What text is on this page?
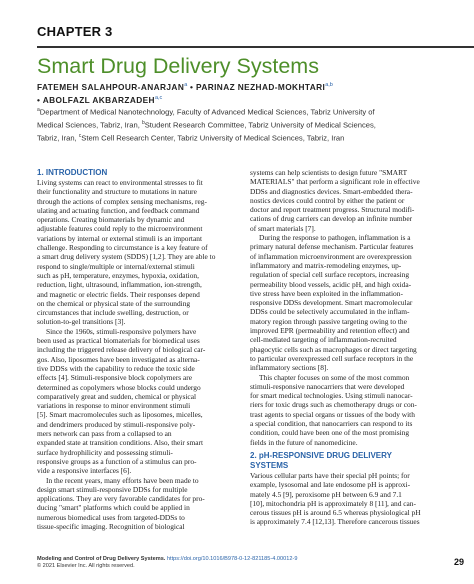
CHAPTER 3
Smart Drug Delivery Systems
FATEMEH SALAHPOUR-ANARJAN$^a$ • PARINAZ NEZHAD-MOKHTARI$^{a,b}$
• ABOLFAZL AKBARZADEH$^{a,c}$
$^a$Department of Medical Nanotechnology, Faculty of Advanced Medical Sciences, Tabriz University of
Medical Sciences, Tabriz, Iran, $^b$Student Research Committee, Tabriz University of Medical Sciences,
Tabriz, Iran, $^c$Stem Cell Research Center, Tabriz University of Medical Sciences, Tabriz, Iran
1. INTRODUCTION
Living systems can react to environmental stresses to fit
their functionality and structure to mutations in nature
through the actions of complex sensing mechanisms, reg-
ulating and actuating function, and feedback command
operations. Creating biomaterials by dynamic and
adjustable features could reply to the microenvironment
variations by internal or external stimuli is an important
challenge. Responding to circumstance is a key feature of
a smart drug delivery system (SDDS) [1,2]. They are able to
respond to single/multiple or internal/external stimuli
such as pH, temperature, enzymes, hypoxia, oxidation,
reduction, light, ultrasound, inflammation, ion-strength,
and magnetic or electric fields. Their responses depend
on the chemical or physical state of the surrounding
circumstances that include swelling, destruction, or
solution-to-gel transitions [3].
Since the 1960s, stimuli-responsive polymers have
been used as practical biomaterials for biomedical uses
including the triggered release delivery of biological car-
gos. Also, liposomes have been investigated as alterna-
tive DDSs with the capability to reduce the toxic side
effects [4]. Stimuli-responsive block copolymers are
determined as copolymers whose blocks could undergo
comparatively great and sudden, chemical or physical
variations in response to minor environment stimuli
[5]. Smart macromolecules such as liposomes, micelles,
and dendrimers produced by stimuli-responsive poly-
mers network can pass from a collapsed to an
expanded state at transition conditions. Also, their smart
surface hydrophilicity and possessing stimuli-
responsive groups as a function of a stimulus can pro-
vide a responsive interfaces [6].
In the recent years, many efforts have been made to
design smart stimuli-responsive DDSs for multiple
applications. They are very favorable candidates for pro-
ducing "smart" platforms which could be applied in
numerous biomedical uses from targeted-DDSs to
tissue-specific imaging. Recognition of biological
systems can help scientists to design future "SMART
MATERIALS" that perform a significant role in effective
DDSs and diagnostics devices. Smart-embedded thera-
nostics devices could control by either the patient or
doctor and report treatment progress. Structural modifi-
cations of drug carriers can develop an infinite number
of smart materials [7].
During the response to pathogen, inflammation is a
primary natural defense mechanism. Particular features
of inflammation microenvironment are overexpression
inflammatory and matrix-remodeling enzymes, up-
regulation of special cell surface receptors, increasing
permeability blood vessels, acidic pH, and high oxida-
tive stress have been exploited in the inflammation-
responsive DDSs development. Smart macromolecular
DDSs could be selectively accumulated in the inflam-
matory region through passive targeting owing to the
improved EPR (permeability and retention effect) and
cell-mediated targeting of inflammation-recruited
phagocytic cells such as macrophages or direct targeting
to particular overexpressed cell surface receptors in the
inflammatory sections [8].
This chapter focuses on some of the most common
stimuli-responsive nanocarriers that were developed
for smart medical technologies. Using stimuli nanocar-
riers for toxic drugs such as chemotherapy drugs or con-
trast agents to special organs or tissues of the body with
a special condition, that nanocarriers can respond to its
condition, could have been one of the most promising
fields in the future of nanomedicine.
2. pH-RESPONSIVE DRUG DELIVERY
SYSTEMS
Various cellular parts have their special pH points; for
example, lysosomal and late endosome pH is approxi-
mately 4.5 [9], peroxisome pH between 6.9 and 7.1
[10], mitochondria pH is approximately 8 [11], and can-
cerous tissues pH is around 6.5 whereas physiological pH
is approximately 7.4 [12,13]. Therefore cancerous tissues
Modeling and Control of Drug Delivery Systems. https://doi.org/10.1016/B978-0-12-821185-4.00012-9
© 2021 Elsevier Inc. All rights reserved.	29
